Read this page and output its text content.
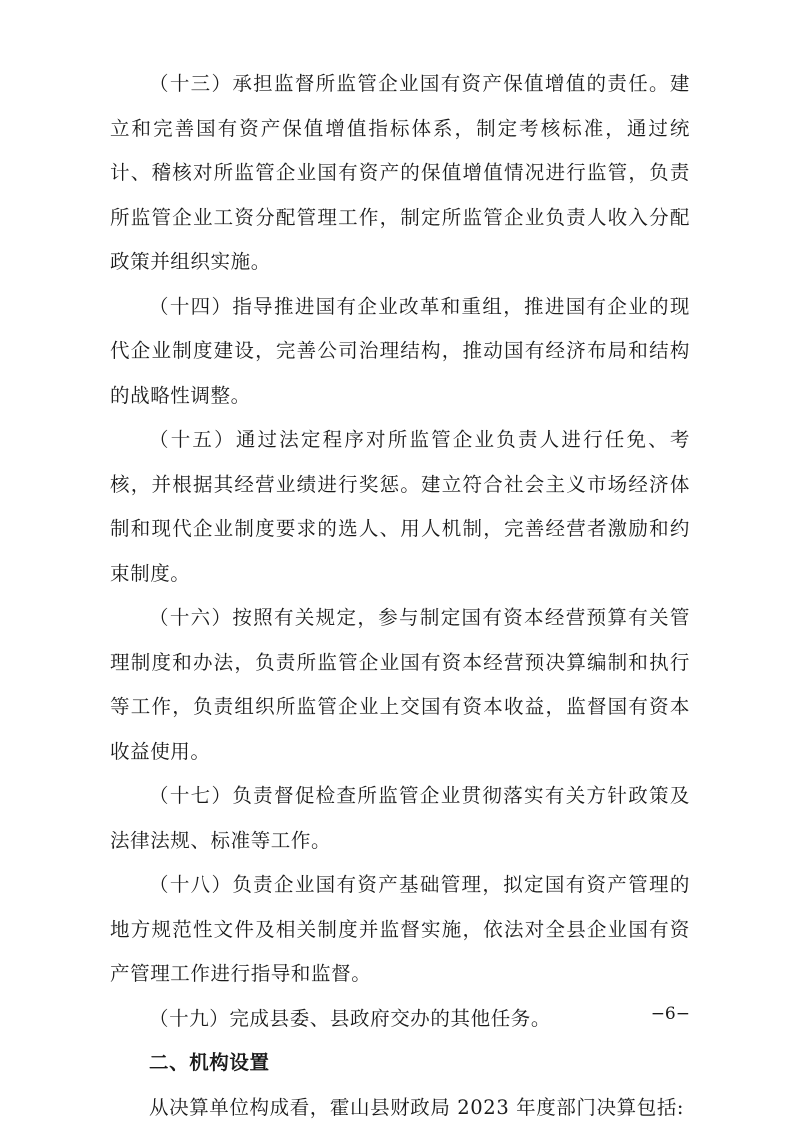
（十三）承担监督所监管企业国有资产保值增值的责任。建立和完善国有资产保值增值指标体系，制定考核标准，通过统计、稽核对所监管企业国有资产的保值增值情况进行监管，负责所监管企业工资分配管理工作，制定所监管企业负责人收入分配政策并组织实施。

（十四）指导推进国有企业改革和重组，推进国有企业的现代企业制度建设，完善公司治理结构，推动国有经济布局和结构的战略性调整。

（十五）通过法定程序对所监管企业负责人进行任免、考核，并根据其经营业绩进行奖惩。建立符合社会主义市场经济体制和现代企业制度要求的选人、用人机制，完善经营者激励和约束制度。

（十六）按照有关规定，参与制定国有资本经营预算有关管理制度和办法，负责所监管企业国有资本经营预决算编制和执行等工作，负责组织所监管企业上交国有资本收益，监督国有资本收益使用。

（十七）负责督促检查所监管企业贯彻落实有关方针政策及法律法规、标准等工作。

（十八）负责企业国有资产基础管理，拟定国有资产管理的地方规范性文件及相关制度并监督实施，依法对全县企业国有资产管理工作进行指导和监督。

（十九）完成县委、县政府交办的其他任务。

二、机构设置

从决算单位构成看，霍山县财政局 2023 年度部门决算包括:

−6−
